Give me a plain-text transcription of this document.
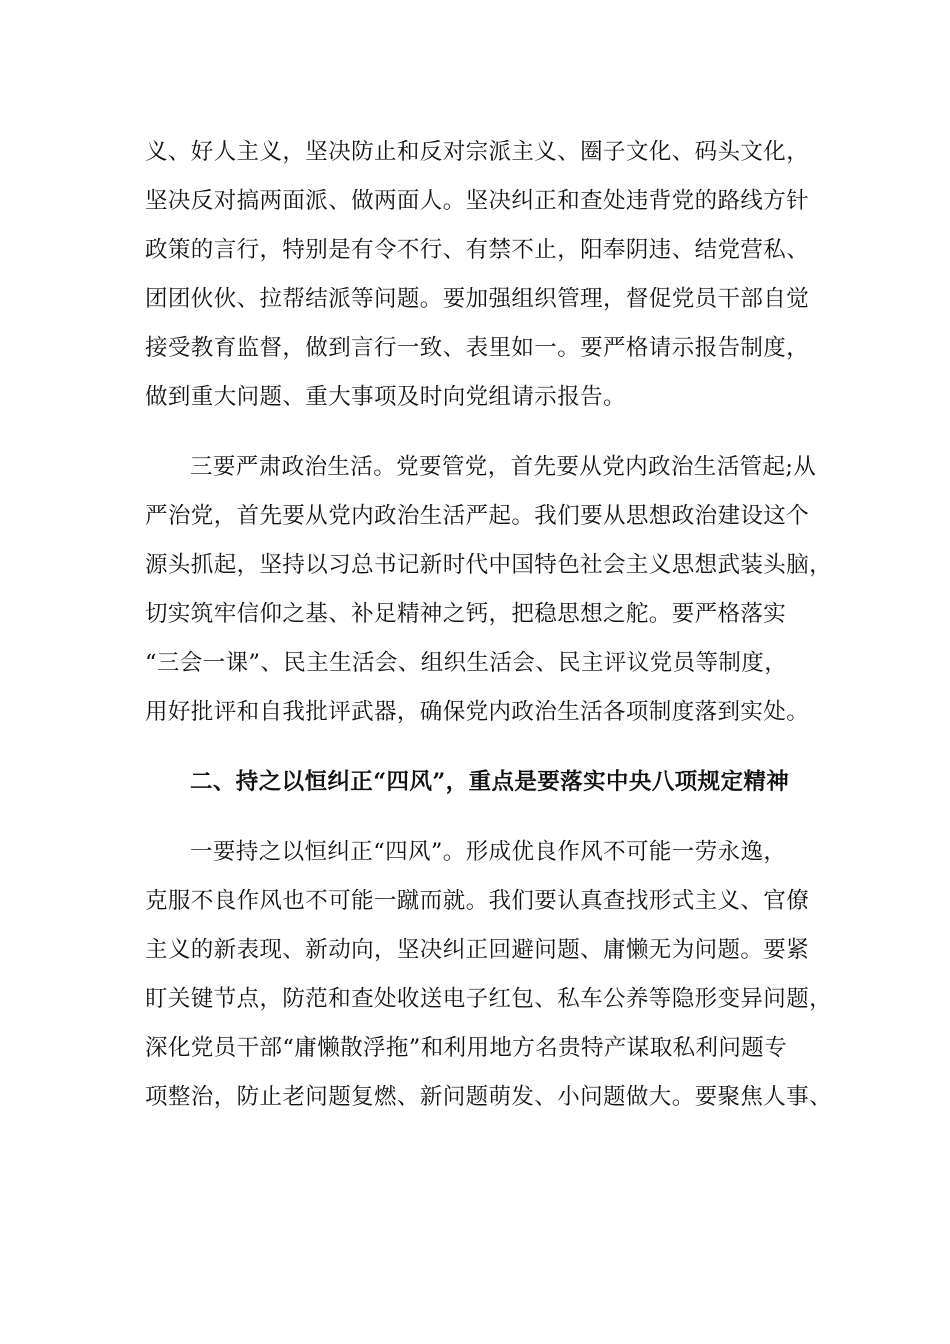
义、好人主义，坚决防止和反对宗派主义、圈子文化、码头文化，
坚决反对搞两面派、做两面人。坚决纠正和查处违背党的路线方针
政策的言行，特别是有令不行、有禁不止，阳奉阴违、结党营私、
团团伙伙、拉帮结派等问题。要加强组织管理，督促党员干部自觉
接受教育监督，做到言行一致、表里如一。要严格请示报告制度，
做到重大问题、重大事项及时向党组请示报告。
三要严肃政治生活。党要管党，首先要从党内政治生活管起;从
严治党，首先要从党内政治生活严起。我们要从思想政治建设这个
源头抓起，坚持以习总书记新时代中国特色社会主义思想武装头脑，
切实筑牢信仰之基、补足精神之钙，把稳思想之舵。要严格落实
“三会一课”、民主生活会、组织生活会、民主评议党员等制度，
用好批评和自我批评武器，确保党内政治生活各项制度落到实处。
二、持之以恒纠正“四风”，重点是要落实中央八项规定精神
一要持之以恒纠正“四风”。形成优良作风不可能一劳永逸，
克服不良作风也不可能一蹴而就。我们要认真查找形式主义、官僚
主义的新表现、新动向，坚决纠正回避问题、庸懒无为问题。要紧
盯关键节点，防范和查处收送电子红包、私车公养等隐形变异问题，
深化党员干部“庸懒散浮拖”和利用地方名贵特产谋取私利问题专
项整治，防止老问题复燃、新问题萌发、小问题做大。要聚焦人事、
